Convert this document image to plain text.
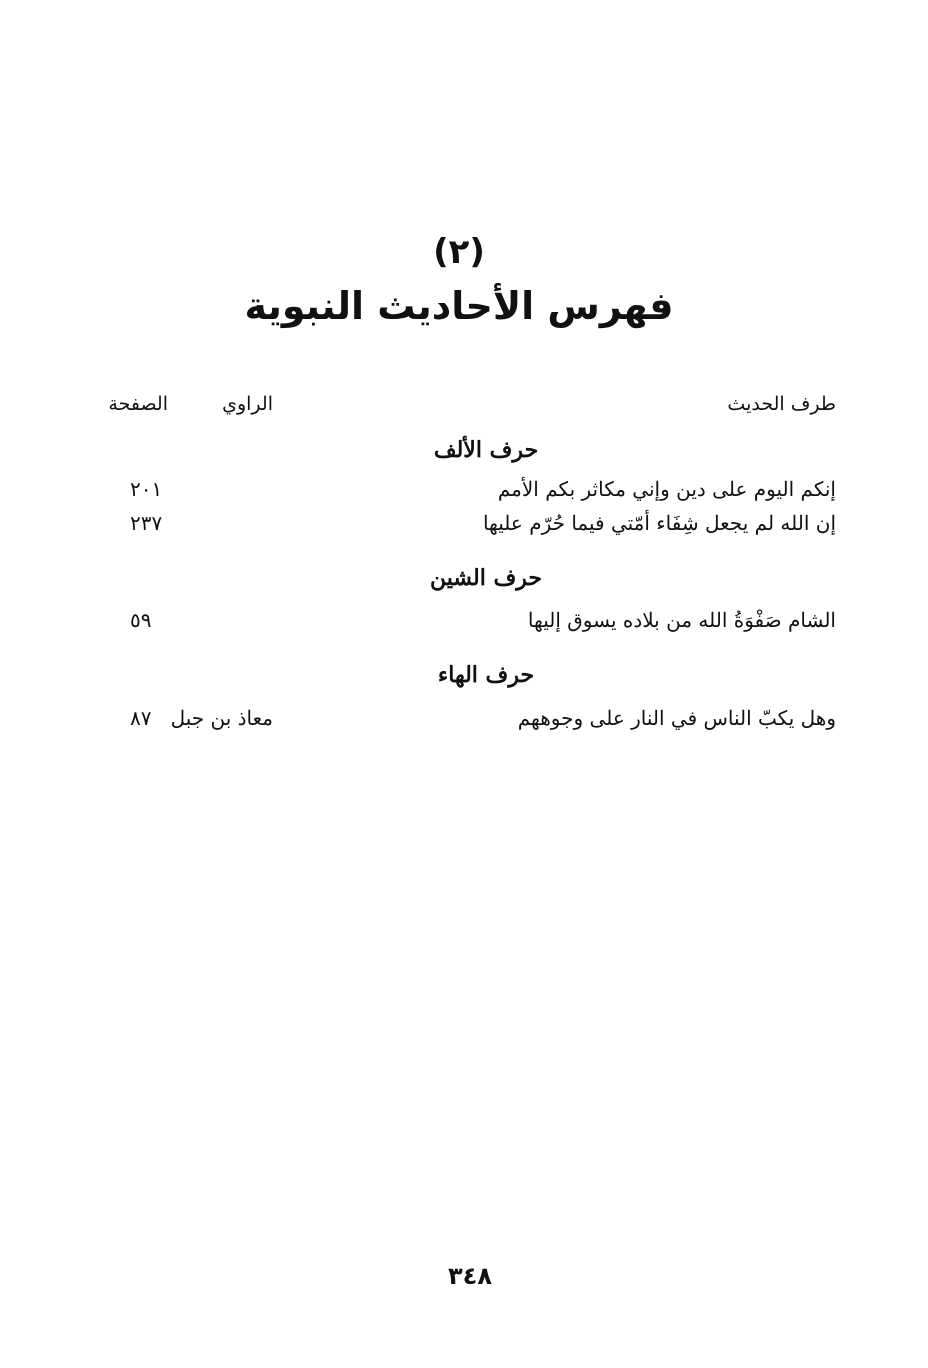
(٢)
فهرس الأحاديث النبوية
طرف الحديث
الراوي
الصفحة
حرف الألف
إنكم اليوم على دين وإني مكاثر بكم الأمم
٢٠١
إن الله لم يجعل شِفَاء أمّتي فيما حُرّم عليها
٢٣٧
حرف الشين
الشام صَفْوَةُ الله من بلاده يسوق إليها
٥٩
حرف الهاء
وهل يكبّ الناس في النار على وجوههم
معاذ بن جبل
٨٧
٣٤٨
